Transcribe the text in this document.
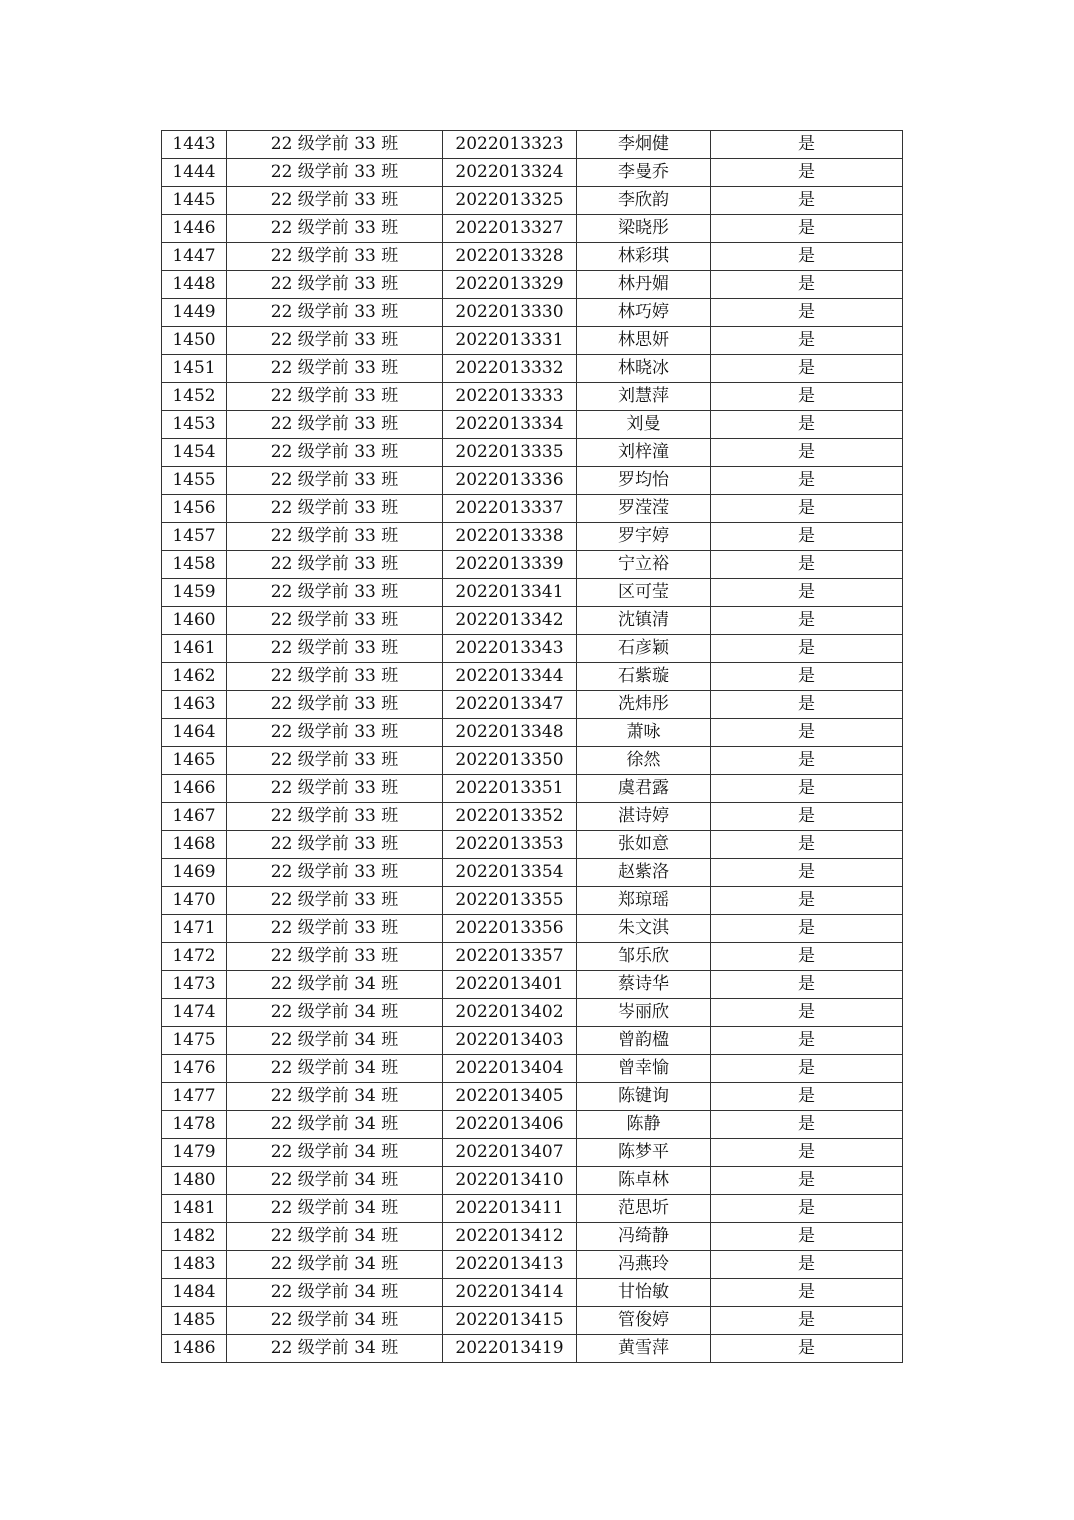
1443	22 级学前 33 班	2022013323	李炯健	是
1444	22 级学前 33 班	2022013324	李曼乔	是
1445	22 级学前 33 班	2022013325	李欣韵	是
1446	22 级学前 33 班	2022013327	梁晓彤	是
1447	22 级学前 33 班	2022013328	林彩琪	是
1448	22 级学前 33 班	2022013329	林丹媚	是
1449	22 级学前 33 班	2022013330	林巧婷	是
1450	22 级学前 33 班	2022013331	林思妍	是
1451	22 级学前 33 班	2022013332	林晓冰	是
1452	22 级学前 33 班	2022013333	刘慧萍	是
1453	22 级学前 33 班	2022013334	刘曼	是
1454	22 级学前 33 班	2022013335	刘梓潼	是
1455	22 级学前 33 班	2022013336	罗均怡	是
1456	22 级学前 33 班	2022013337	罗滢滢	是
1457	22 级学前 33 班	2022013338	罗宇婷	是
1458	22 级学前 33 班	2022013339	宁立裕	是
1459	22 级学前 33 班	2022013341	区可莹	是
1460	22 级学前 33 班	2022013342	沈镇清	是
1461	22 级学前 33 班	2022013343	石彦颖	是
1462	22 级学前 33 班	2022013344	石紫璇	是
1463	22 级学前 33 班	2022013347	冼炜彤	是
1464	22 级学前 33 班	2022013348	萧咏	是
1465	22 级学前 33 班	2022013350	徐然	是
1466	22 级学前 33 班	2022013351	虞君露	是
1467	22 级学前 33 班	2022013352	湛诗婷	是
1468	22 级学前 33 班	2022013353	张如意	是
1469	22 级学前 33 班	2022013354	赵紫洛	是
1470	22 级学前 33 班	2022013355	郑琼瑶	是
1471	22 级学前 33 班	2022013356	朱文淇	是
1472	22 级学前 33 班	2022013357	邹乐欣	是
1473	22 级学前 34 班	2022013401	蔡诗华	是
1474	22 级学前 34 班	2022013402	岑丽欣	是
1475	22 级学前 34 班	2022013403	曾韵楹	是
1476	22 级学前 34 班	2022013404	曾幸愉	是
1477	22 级学前 34 班	2022013405	陈键询	是
1478	22 级学前 34 班	2022013406	陈静	是
1479	22 级学前 34 班	2022013407	陈梦平	是
1480	22 级学前 34 班	2022013410	陈卓林	是
1481	22 级学前 34 班	2022013411	范思圻	是
1482	22 级学前 34 班	2022013412	冯绮静	是
1483	22 级学前 34 班	2022013413	冯燕玲	是
1484	22 级学前 34 班	2022013414	甘怡敏	是
1485	22 级学前 34 班	2022013415	管俊婷	是
1486	22 级学前 34 班	2022013419	黄雪萍	是
